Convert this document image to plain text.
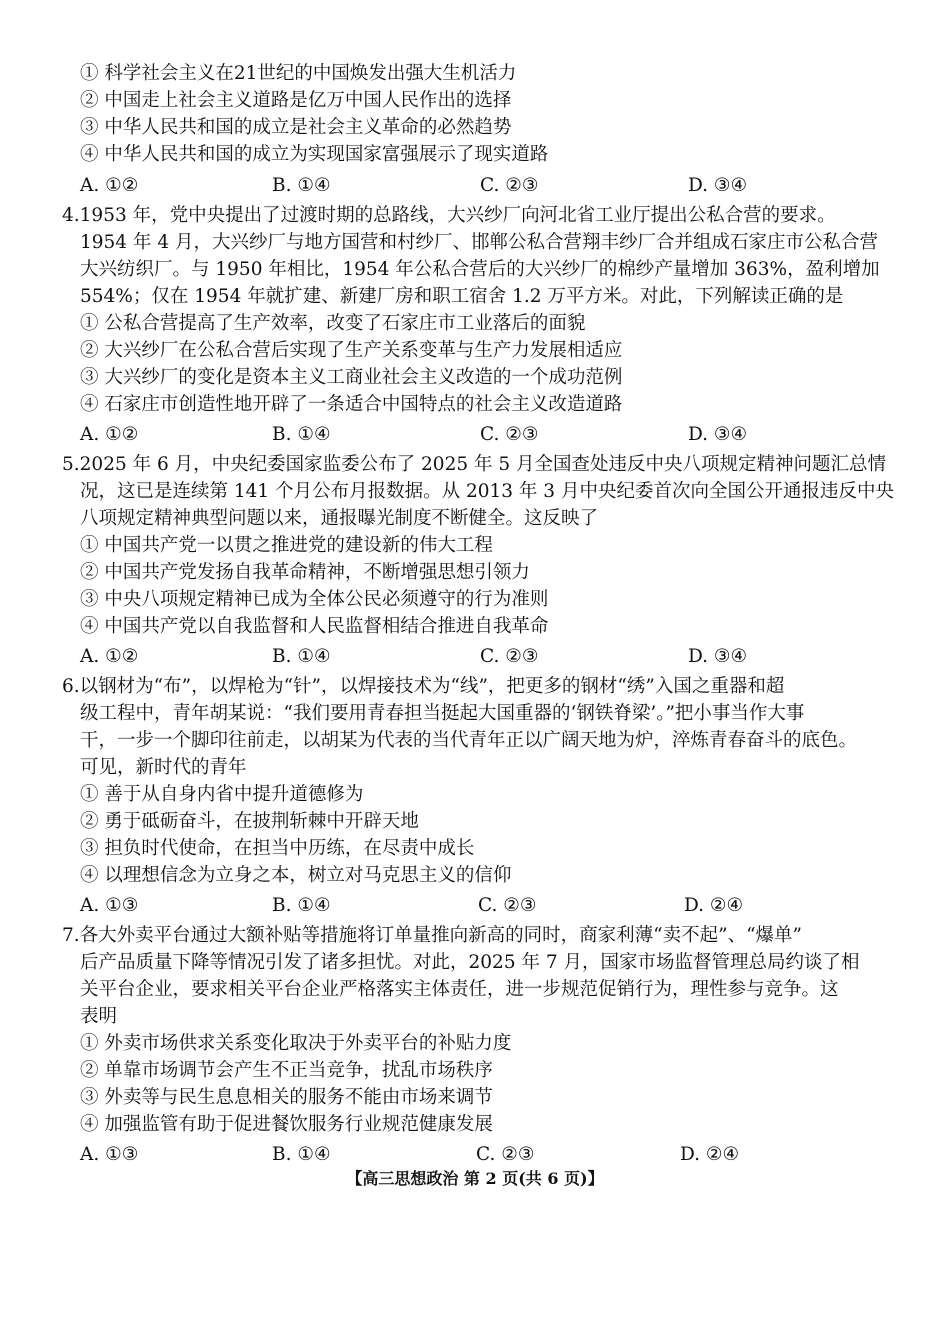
① 科学社会主义在21世纪的中国焕发出强大生机活力
② 中国走上社会主义道路是亿万中国人民作出的选择
③ 中华人民共和国的成立是社会主义革命的必然趋势
④ 中华人民共和国的成立为实现国家富强展示了现实道路
A. ①②	B. ①④	C. ②③	D. ③④
4.1953 年，党中央提出了过渡时期的总路线，大兴纱厂向河北省工业厅提出公私合营的要求。
1954 年 4 月，大兴纱厂与地方国营和村纱厂、邯郸公私合营翔丰纱厂合并组成石家庄市公私合营
大兴纺织厂。与 1950 年相比，1954 年公私合营后的大兴纱厂的棉纱产量增加 363%，盈利增加
554%；仅在 1954 年就扩建、新建厂房和职工宿舍 1.2 万平方米。对此，下列解读正确的是
① 公私合营提高了生产效率，改变了石家庄市工业落后的面貌
② 大兴纱厂在公私合营后实现了生产关系变革与生产力发展相适应
③ 大兴纱厂的变化是资本主义工商业社会主义改造的一个成功范例
④ 石家庄市创造性地开辟了一条适合中国特点的社会主义改造道路
A. ①②	B. ①④	C. ②③	D. ③④
5.2025 年 6 月，中央纪委国家监委公布了 2025 年 5 月全国查处违反中央八项规定精神问题汇总情
况，这已是连续第 141 个月公布月报数据。从 2013 年 3 月中央纪委首次向全国公开通报违反中央
八项规定精神典型问题以来，通报曝光制度不断健全。这反映了
① 中国共产党一以贯之推进党的建设新的伟大工程
② 中国共产党发扬自我革命精神，不断增强思想引领力
③ 中央八项规定精神已成为全体公民必须遵守的行为准则
④ 中国共产党以自我监督和人民监督相结合推进自我革命
A. ①②	B. ①④	C. ②③	D. ③④
6.以钢材为“布”，以焊枪为“针”，以焊接技术为“线”，把更多的钢材“绣”入国之重器和超
级工程中，青年胡某说：“我们要用青春担当挺起大国重器的‘钢铁脊梁’。”把小事当作大事
干，一步一个脚印往前走，以胡某为代表的当代青年正以广阔天地为炉，淬炼青春奋斗的底色。
可见，新时代的青年
① 善于从自身内省中提升道德修为
② 勇于砥砺奋斗，在披荆斩棘中开辟天地
③ 担负时代使命，在担当中历练，在尽责中成长
④ 以理想信念为立身之本，树立对马克思主义的信仰
A. ①③	B. ①④	C. ②③	D. ②④
7.各大外卖平台通过大额补贴等措施将订单量推向新高的同时，商家利薄“卖不起”、“爆单”
后产品质量下降等情况引发了诸多担忧。对此，2025 年 7 月，国家市场监督管理总局约谈了相
关平台企业，要求相关平台企业严格落实主体责任，进一步规范促销行为，理性参与竞争。这
表明
① 外卖市场供求关系变化取决于外卖平台的补贴力度
② 单靠市场调节会产生不正当竞争，扰乱市场秩序
③ 外卖等与民生息息相关的服务不能由市场来调节
④ 加强监管有助于促进餐饮服务行业规范健康发展
A. ①③	B. ①④	C. ②③	D. ②④
【高三思想政治 第 2 页(共 6 页)】
